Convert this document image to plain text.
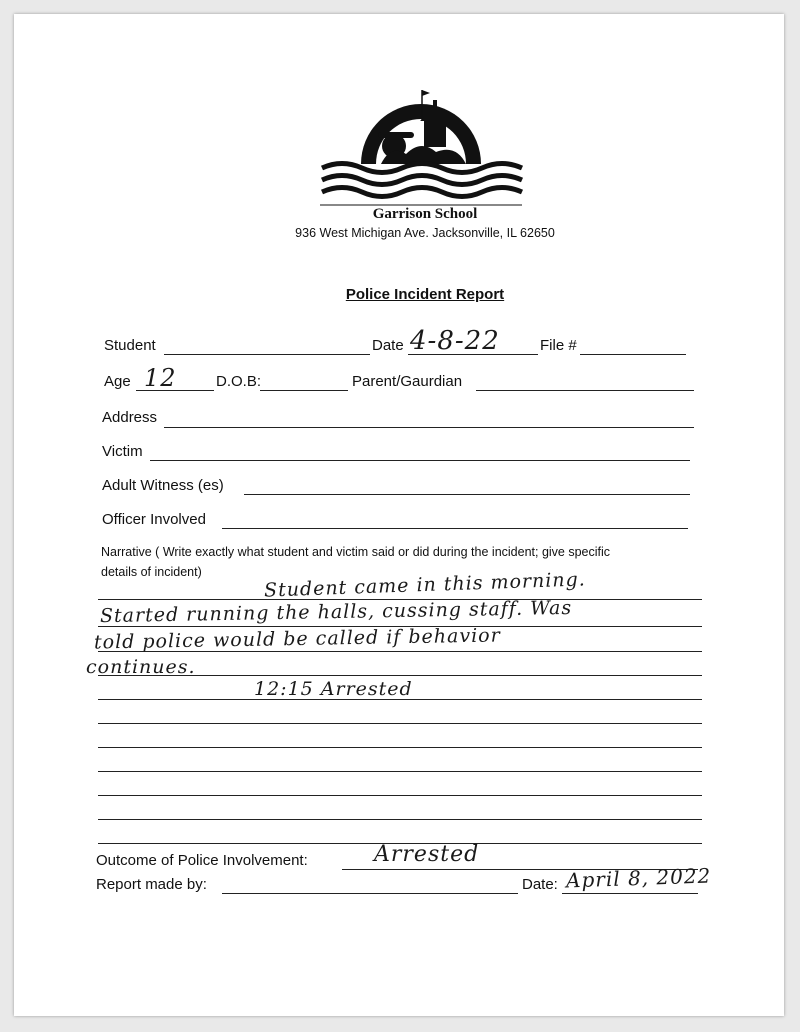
Garrison School
936 West Michigan Ave. Jacksonville, IL 62650
Police Incident Report
Student	Date 4-8-22	File #
Age 12	D.O.B:	Parent/Gaurdian
Address
Victim
Adult Witness (es)
Officer Involved
Narrative ( Write exactly what student and victim said or did during the incident; give specific
details of incident)	Student came in this morning.
Started running the halls, cussing staff. Was
told police would be called if behavior
continues.
12:15 Arrested
Outcome of Police Involvement:	Arrested
Report made by:	Date: April 8, 2022
